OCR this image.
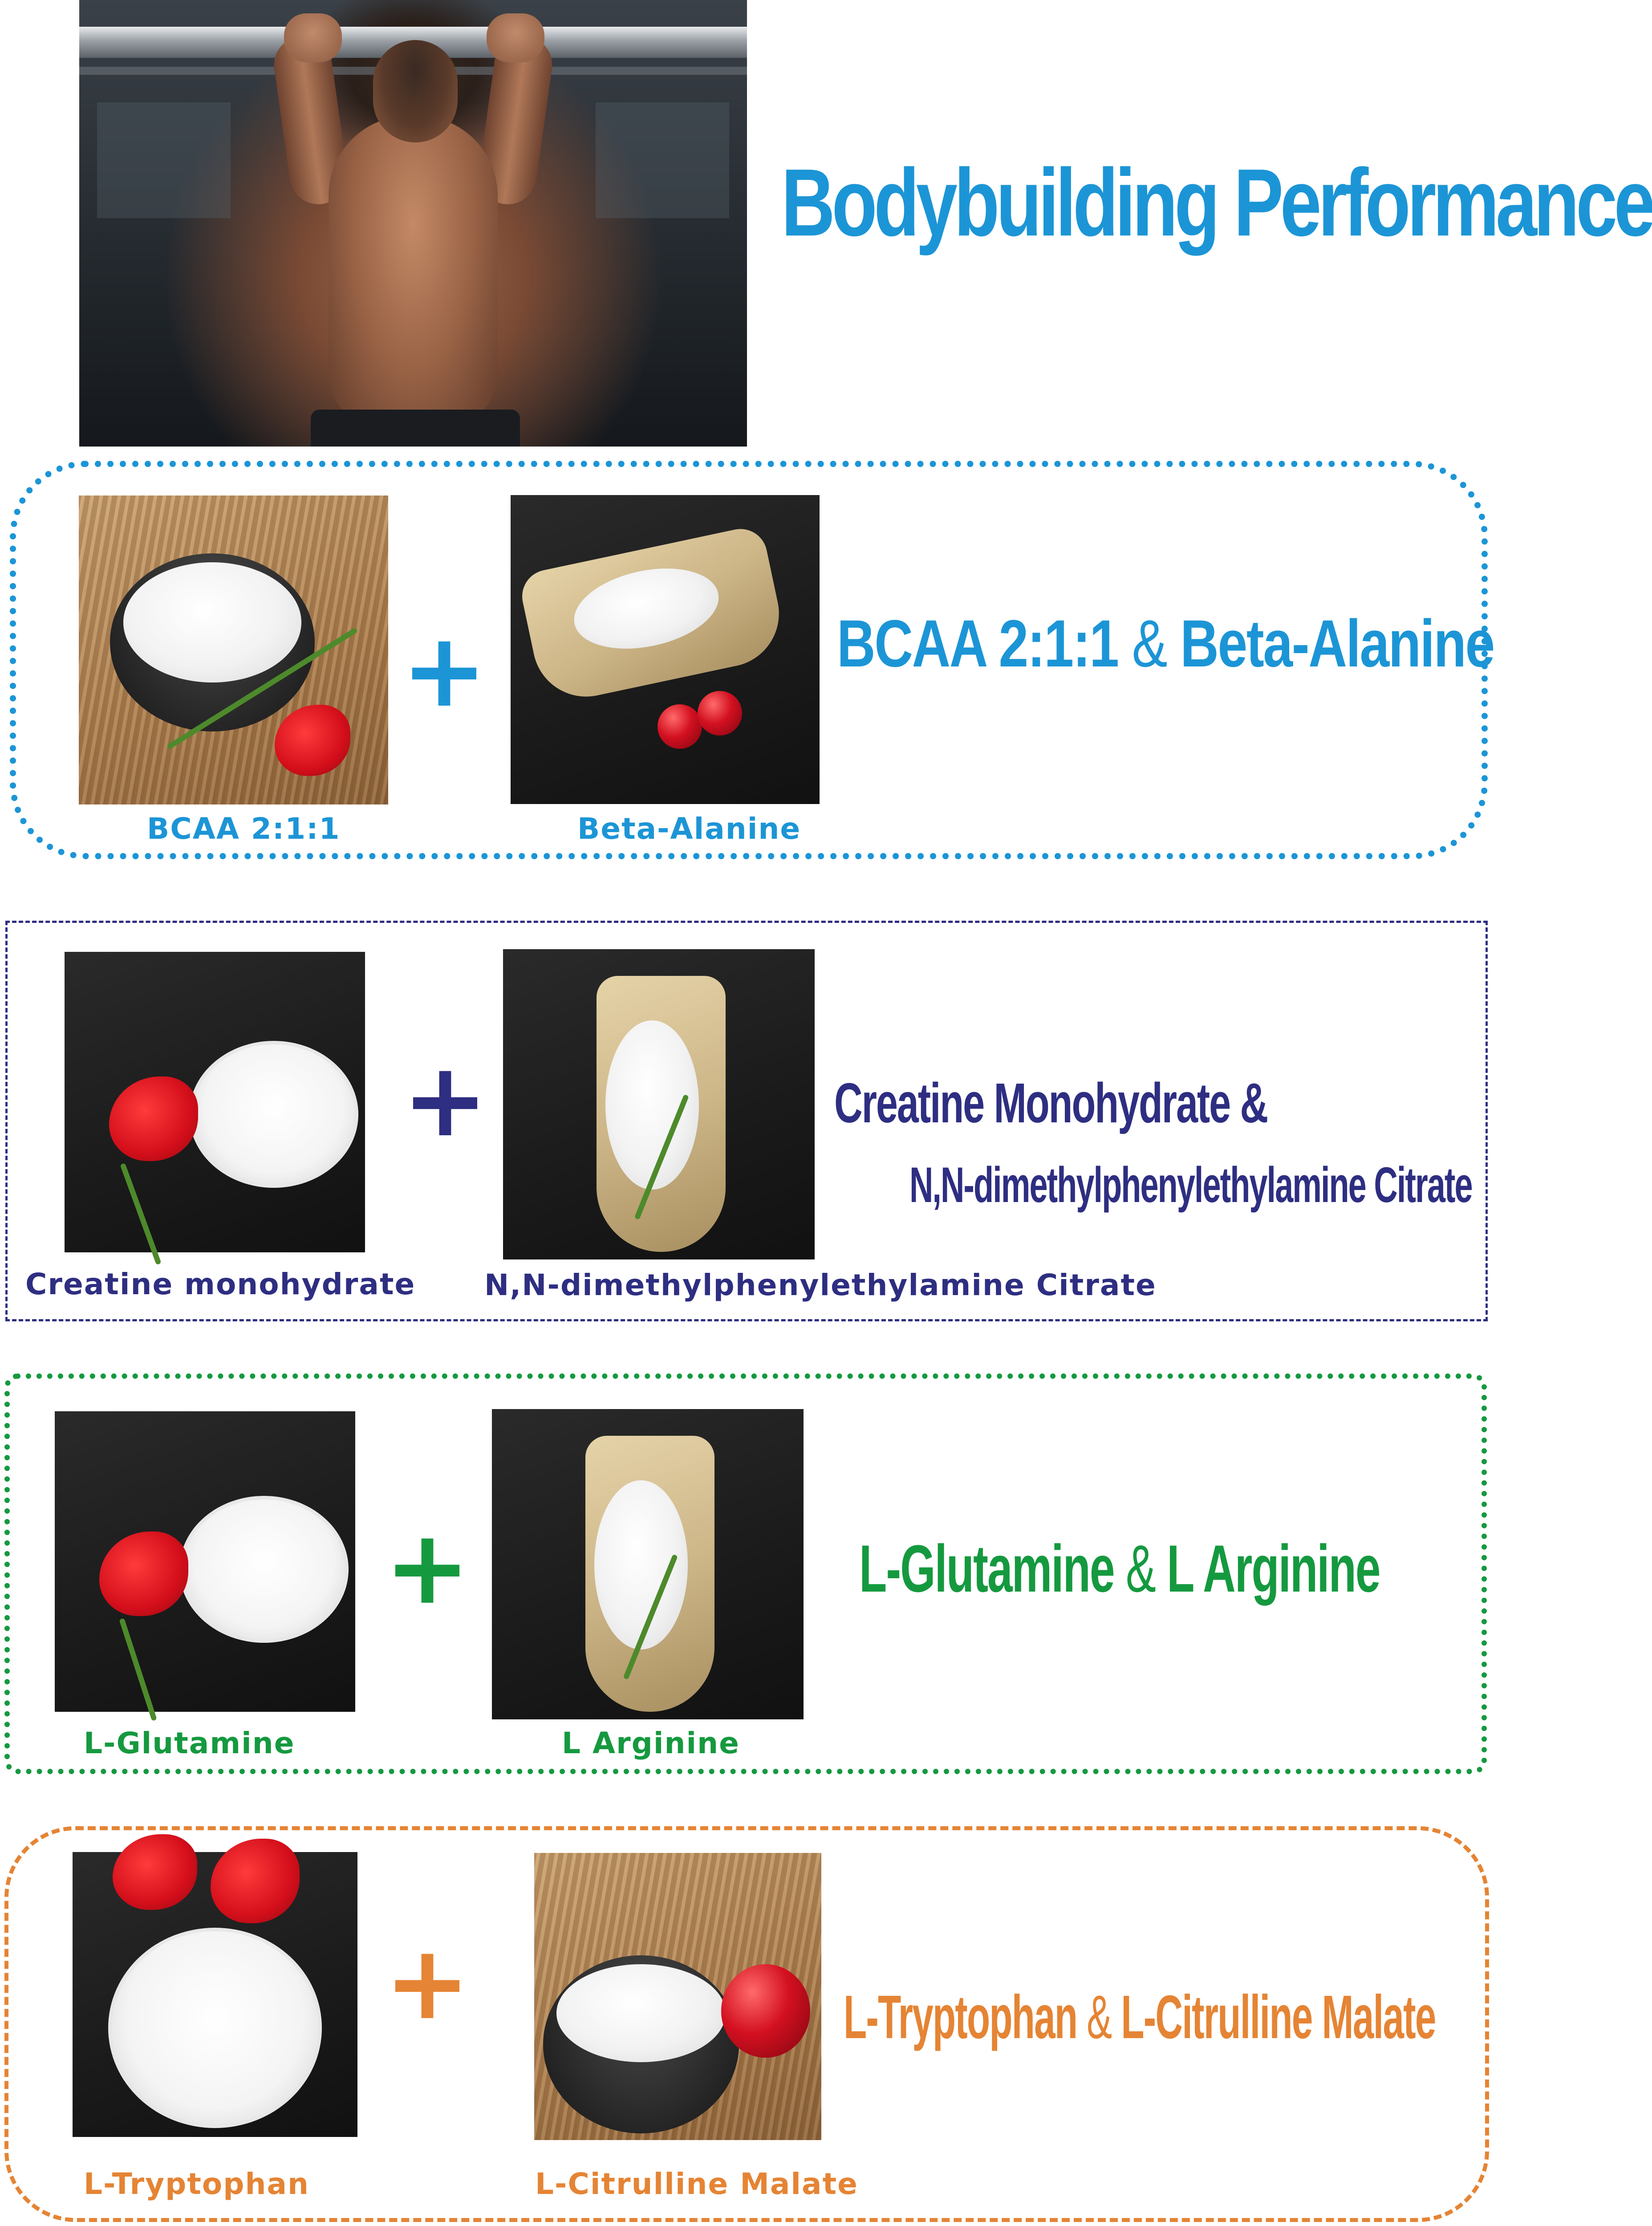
Bodybuilding Performance
+
BCAA 2:1:1	Beta-Alanine
BCAA 2:1:1 & Beta-Alanine
+
Creatine monohydrate N,N-dimethylphenylethylamine Citrate
Creatine Monohydrate &
N,N-dimethylphenylethylamine Citrate
+
L-Glutamine	L Arginine
L-Glutamine & L Arginine
+
L-Tryptophan	L-Citrulline Malate
L-Tryptophan & L-Citrulline Malate
